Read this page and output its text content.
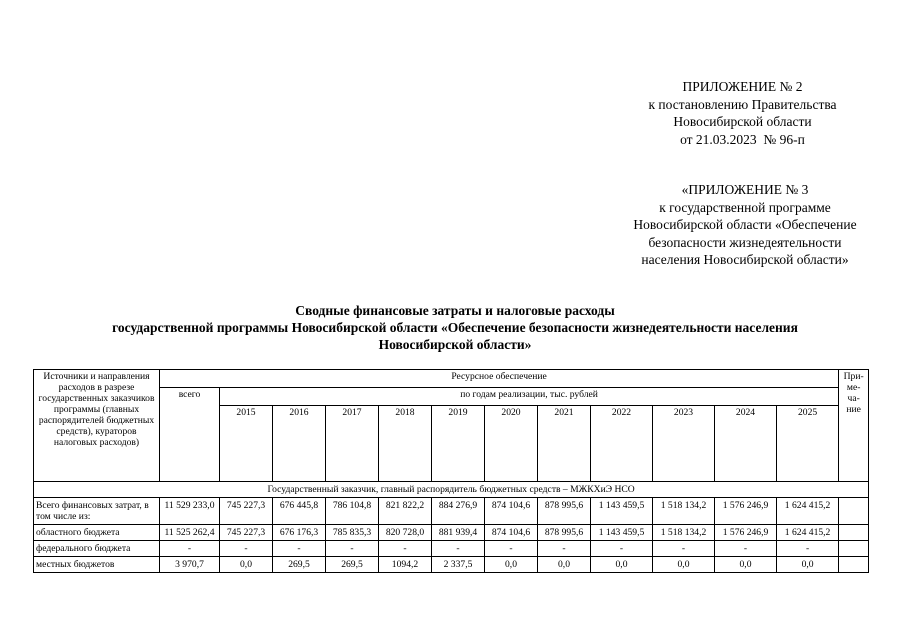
ПРИЛОЖЕНИЕ № 2
к постановлению Правительства
Новосибирской области
от 21.03.2023  № 96-п
«ПРИЛОЖЕНИЕ № 3
к государственной программе
Новосибирской области «Обеспечение
безопасности жизнедеятельности
населения Новосибирской области»
Сводные финансовые затраты и налоговые расходы
государственной программы Новосибирской области «Обеспечение безопасности жизнедеятельности населения
Новосибирской области»
Источники и направления расходов в разрезе государственных заказчиков программы (главных распорядителей бюджетных средств), кураторов налоговых расходов)	Ресурсное обеспечение												При-ме-ча-ние
	всего	по годам реализации, тыс. рублей											
		2015	2016	2017	2018	2019	2020	2021	2022	2023	2024	2025	
Государственный заказчик, главный распорядитель бюджетных средств – МЖКХиЭ НСО													
Всего финансовых затрат, в том числе из:	11 529 233,0	745 227,3	676 445,8	786 104,8	821 822,2	884 276,9	874 104,6	878 995,6	1 143 459,5	1 518 134,2	1 576 246,9	1 624 415,2	
областного бюджета	11 525 262,4	745 227,3	676 176,3	785 835,3	820 728,0	881 939,4	874 104,6	878 995,6	1 143 459,5	1 518 134,2	1 576 246,9	1 624 415,2	
федерального бюджета	-	-	-	-	-	-	-	-	-	-	-	-	
местных бюджетов	3 970,7	0,0	269,5	269,5	1094,2	2 337,5	0,0	0,0	0,0	0,0	0,0	0,0	
